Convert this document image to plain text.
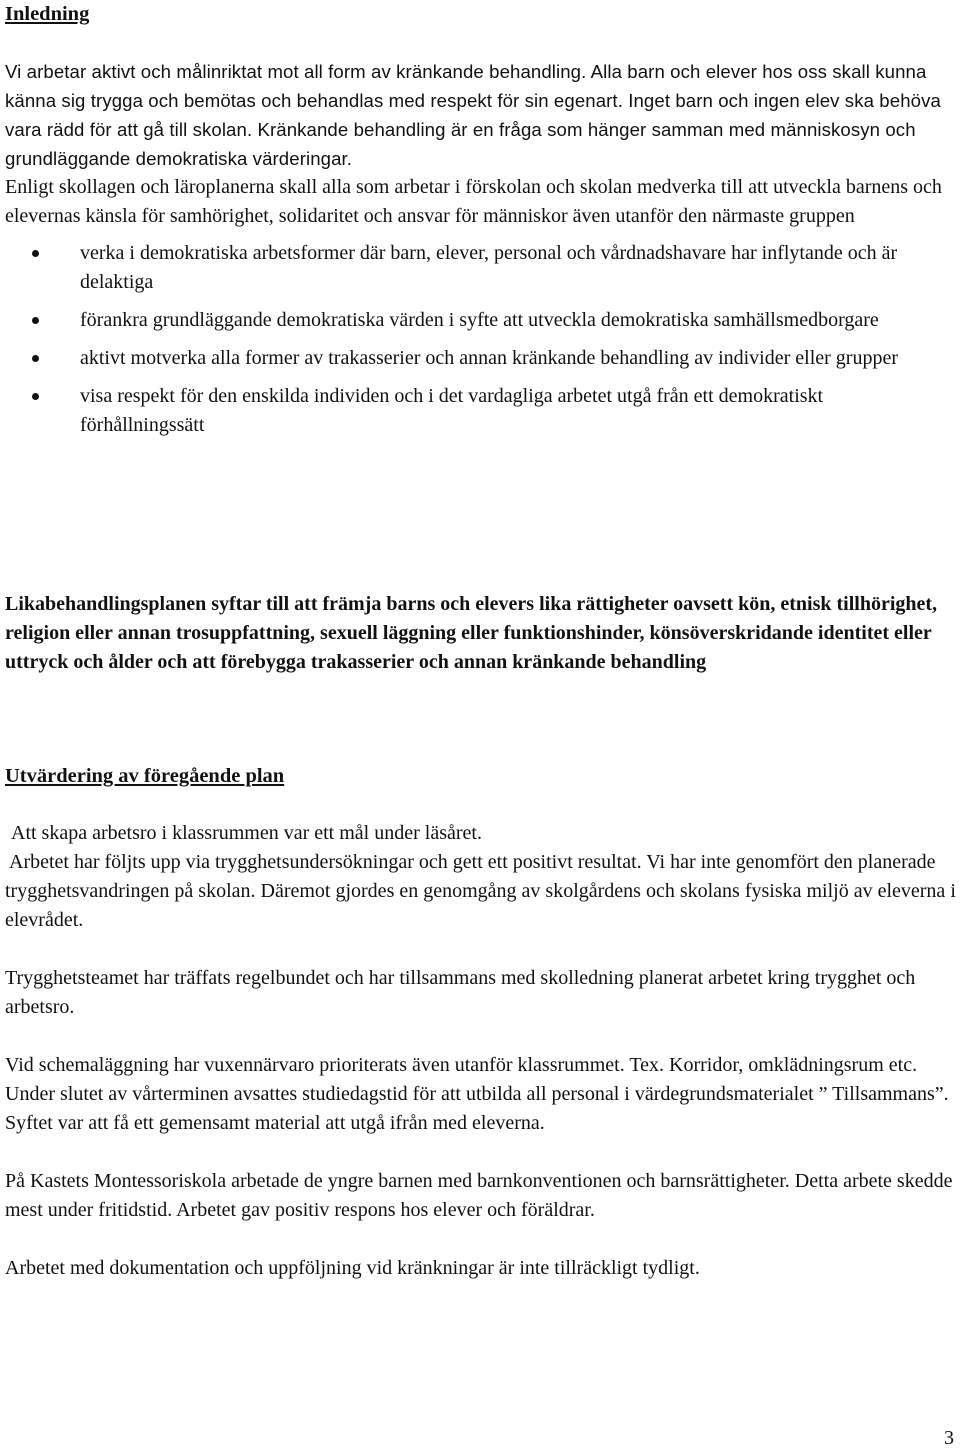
Inledning

Vi arbetar aktivt och målinriktat mot all form av kränkande behandling. Alla barn och elever hos oss skall kunna känna sig trygga och bemötas och behandlas med respekt för sin egenart. Inget barn och ingen elev ska behöva vara rädd för att gå till skolan. Kränkande behandling är en fråga som hänger samman med människosyn och grundläggande demokratiska värderingar.

Enligt skollagen och läroplanerna skall alla som arbetar i förskolan och skolan medverka till att utveckla barnens och elevernas känsla för samhörighet, solidaritet och ansvar för människor även utanför den närmaste gruppen

verka i demokratiska arbetsformer där barn, elever, personal och vårdnadshavare har inflytande och är delaktiga
förankra grundläggande demokratiska värden i syfte att utveckla demokratiska samhällsmedborgare
aktivt motverka alla former av trakasserier och annan kränkande behandling av individer eller grupper
visa respekt för den enskilda individen och i det vardagliga arbetet utgå från ett demokratiskt förhållningssätt

Likabehandlingsplanen syftar till att främja barns och elevers lika rättigheter oavsett kön, etnisk tillhörighet, religion eller annan trosuppfattning, sexuell läggning eller funktionshinder, könsöverskridande identitet eller uttryck och ålder och att förebygga trakasserier och annan kränkande behandling

Utvärdering av föregående plan

Att skapa arbetsro i klassrummen var ett mål under läsåret.

Arbetet har följts upp via trygghetsundersökningar och gett ett positivt resultat. Vi har inte genomfört den planerade trygghetsvandringen på skolan. Däremot gjordes en genomgång av skolgårdens och skolans fysiska miljö av eleverna i elevrådet.

Trygghetsteamet har träffats regelbundet och har tillsammans med skolledning planerat arbetet kring trygghet och arbetsro.

Vid schemaläggning har vuxennärvaro prioriterats även utanför klassrummet. Tex. Korridor, omklädningsrum etc.

Under slutet av vårterminen avsattes studiedagstid för att utbilda all personal i värdegrundsmaterialet ” Tillsammans”. Syftet var att få ett gemensamt material att utgå ifrån med eleverna.

På Kastets Montessoriskola arbetade de yngre barnen med barnkonventionen och barnsrättigheter. Detta arbete skedde mest under fritidstid. Arbetet gav positiv respons hos elever och föräldrar.

Arbetet med dokumentation och uppföljning vid kränkningar är inte tillräckligt tydligt.

3
